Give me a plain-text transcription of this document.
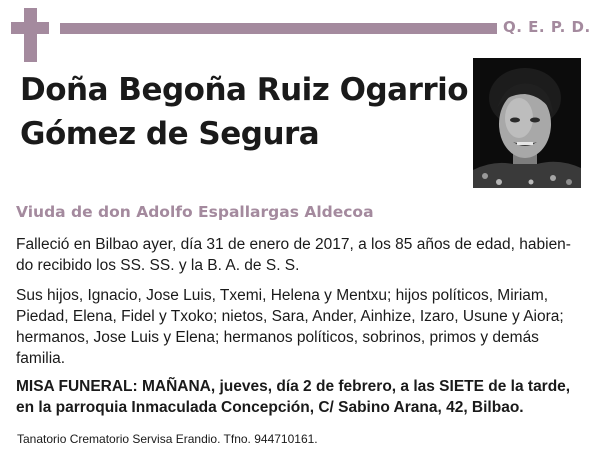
Q. E. P. D.
Doña Begoña Ruiz Ogarrio
Gómez de Segura
Viuda de don Adolfo Espallargas Aldecoa
Falleció en Bilbao ayer, día 31 de enero de 2017, a los 85 años de edad, habien-
do recibido los SS. SS. y la B. A. de S. S.
Sus hijos, Ignacio, Jose Luis, Txemi, Helena y Mentxu; hijos políticos, Miriam,
Piedad, Elena, Fidel y Txoko; nietos, Sara, Ander, Ainhize, Izaro, Usune y Aiora;
hermanos, Jose Luis y Elena; hermanos políticos, sobrinos, primos y demás
familia.
MISA FUNERAL: MAÑANA, jueves, día 2 de febrero, a las SIETE de la tarde,
en la parroquia Inmaculada Concepción, C/ Sabino Arana, 42, Bilbao.
Tanatorio Crematorio Servisa Erandio. Tfno. 944710161.
